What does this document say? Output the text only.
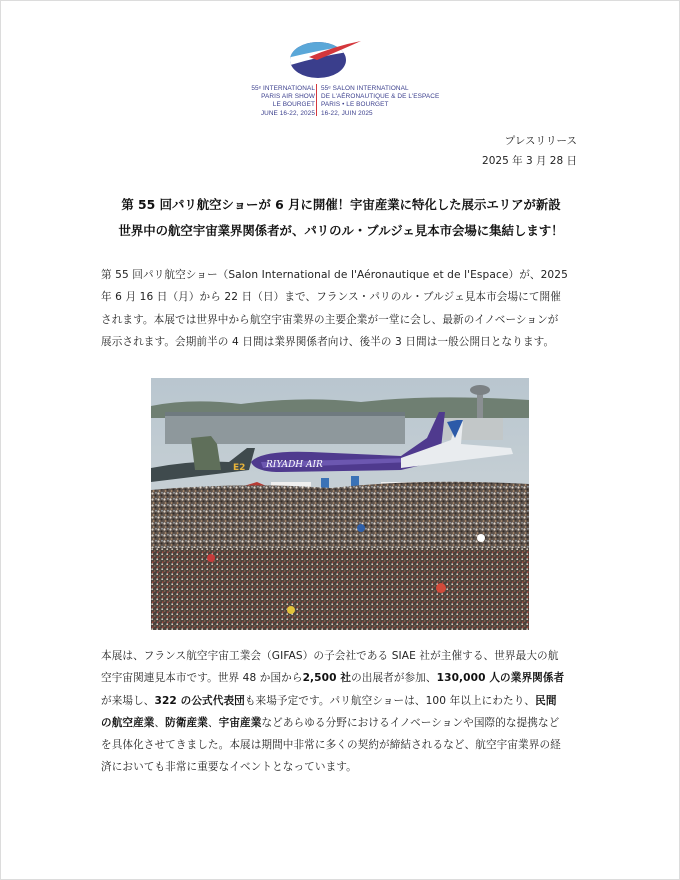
55ᵉ INTERNATIONAL
PARIS AIR SHOW
LE BOURGET
JUNE 16-22, 2025
55ᵉ SALON INTERNATIONAL
DE L'AÉRONAUTIQUE & DE L'ESPACE
PARIS • LE BOURGET
16-22, JUIN 2025
プレスリリース
2025 年 3 月 28 日
第 55 回パリ航空ショーが 6 月に開催！宇宙産業に特化した展示エリアが新設
世界中の航空宇宙業界関係者が、パリのル・ブルジェ見本市会場に集結します！
第 55 回パリ航空ショー（Salon International de l'Aéronautique et de l'Espace）が、2025
年 6 月 16 日（月）から 22 日（日）まで、フランス・パリのル・ブルジェ見本市会場にて開催
されます。本展では世界中から航空宇宙業界の主要企業が一堂に会し、最新のイノベーションが
展示されます。会期前半の 4 日間は業界関係者向け、後半の 3 日間は一般公開日となります。
RIYADH AIR
E2
本展は、フランス航空宇宙工業会（GIFAS）の子会社である SIAE 社が主催する、世界最大の航
空宇宙関連見本市です。世界 48 か国から2,500 社の出展者が参加、130,000 人の業界関係者
が来場し、322 の公式代表団も来場予定です。パリ航空ショーは、100 年以上にわたり、民間
の航空産業、防衛産業、宇宙産業などあらゆる分野におけるイノベーションや国際的な提携など
を具体化させてきました。本展は期間中非常に多くの契約が締結されるなど、航空宇宙業界の経
済においても非常に重要なイベントとなっています。
